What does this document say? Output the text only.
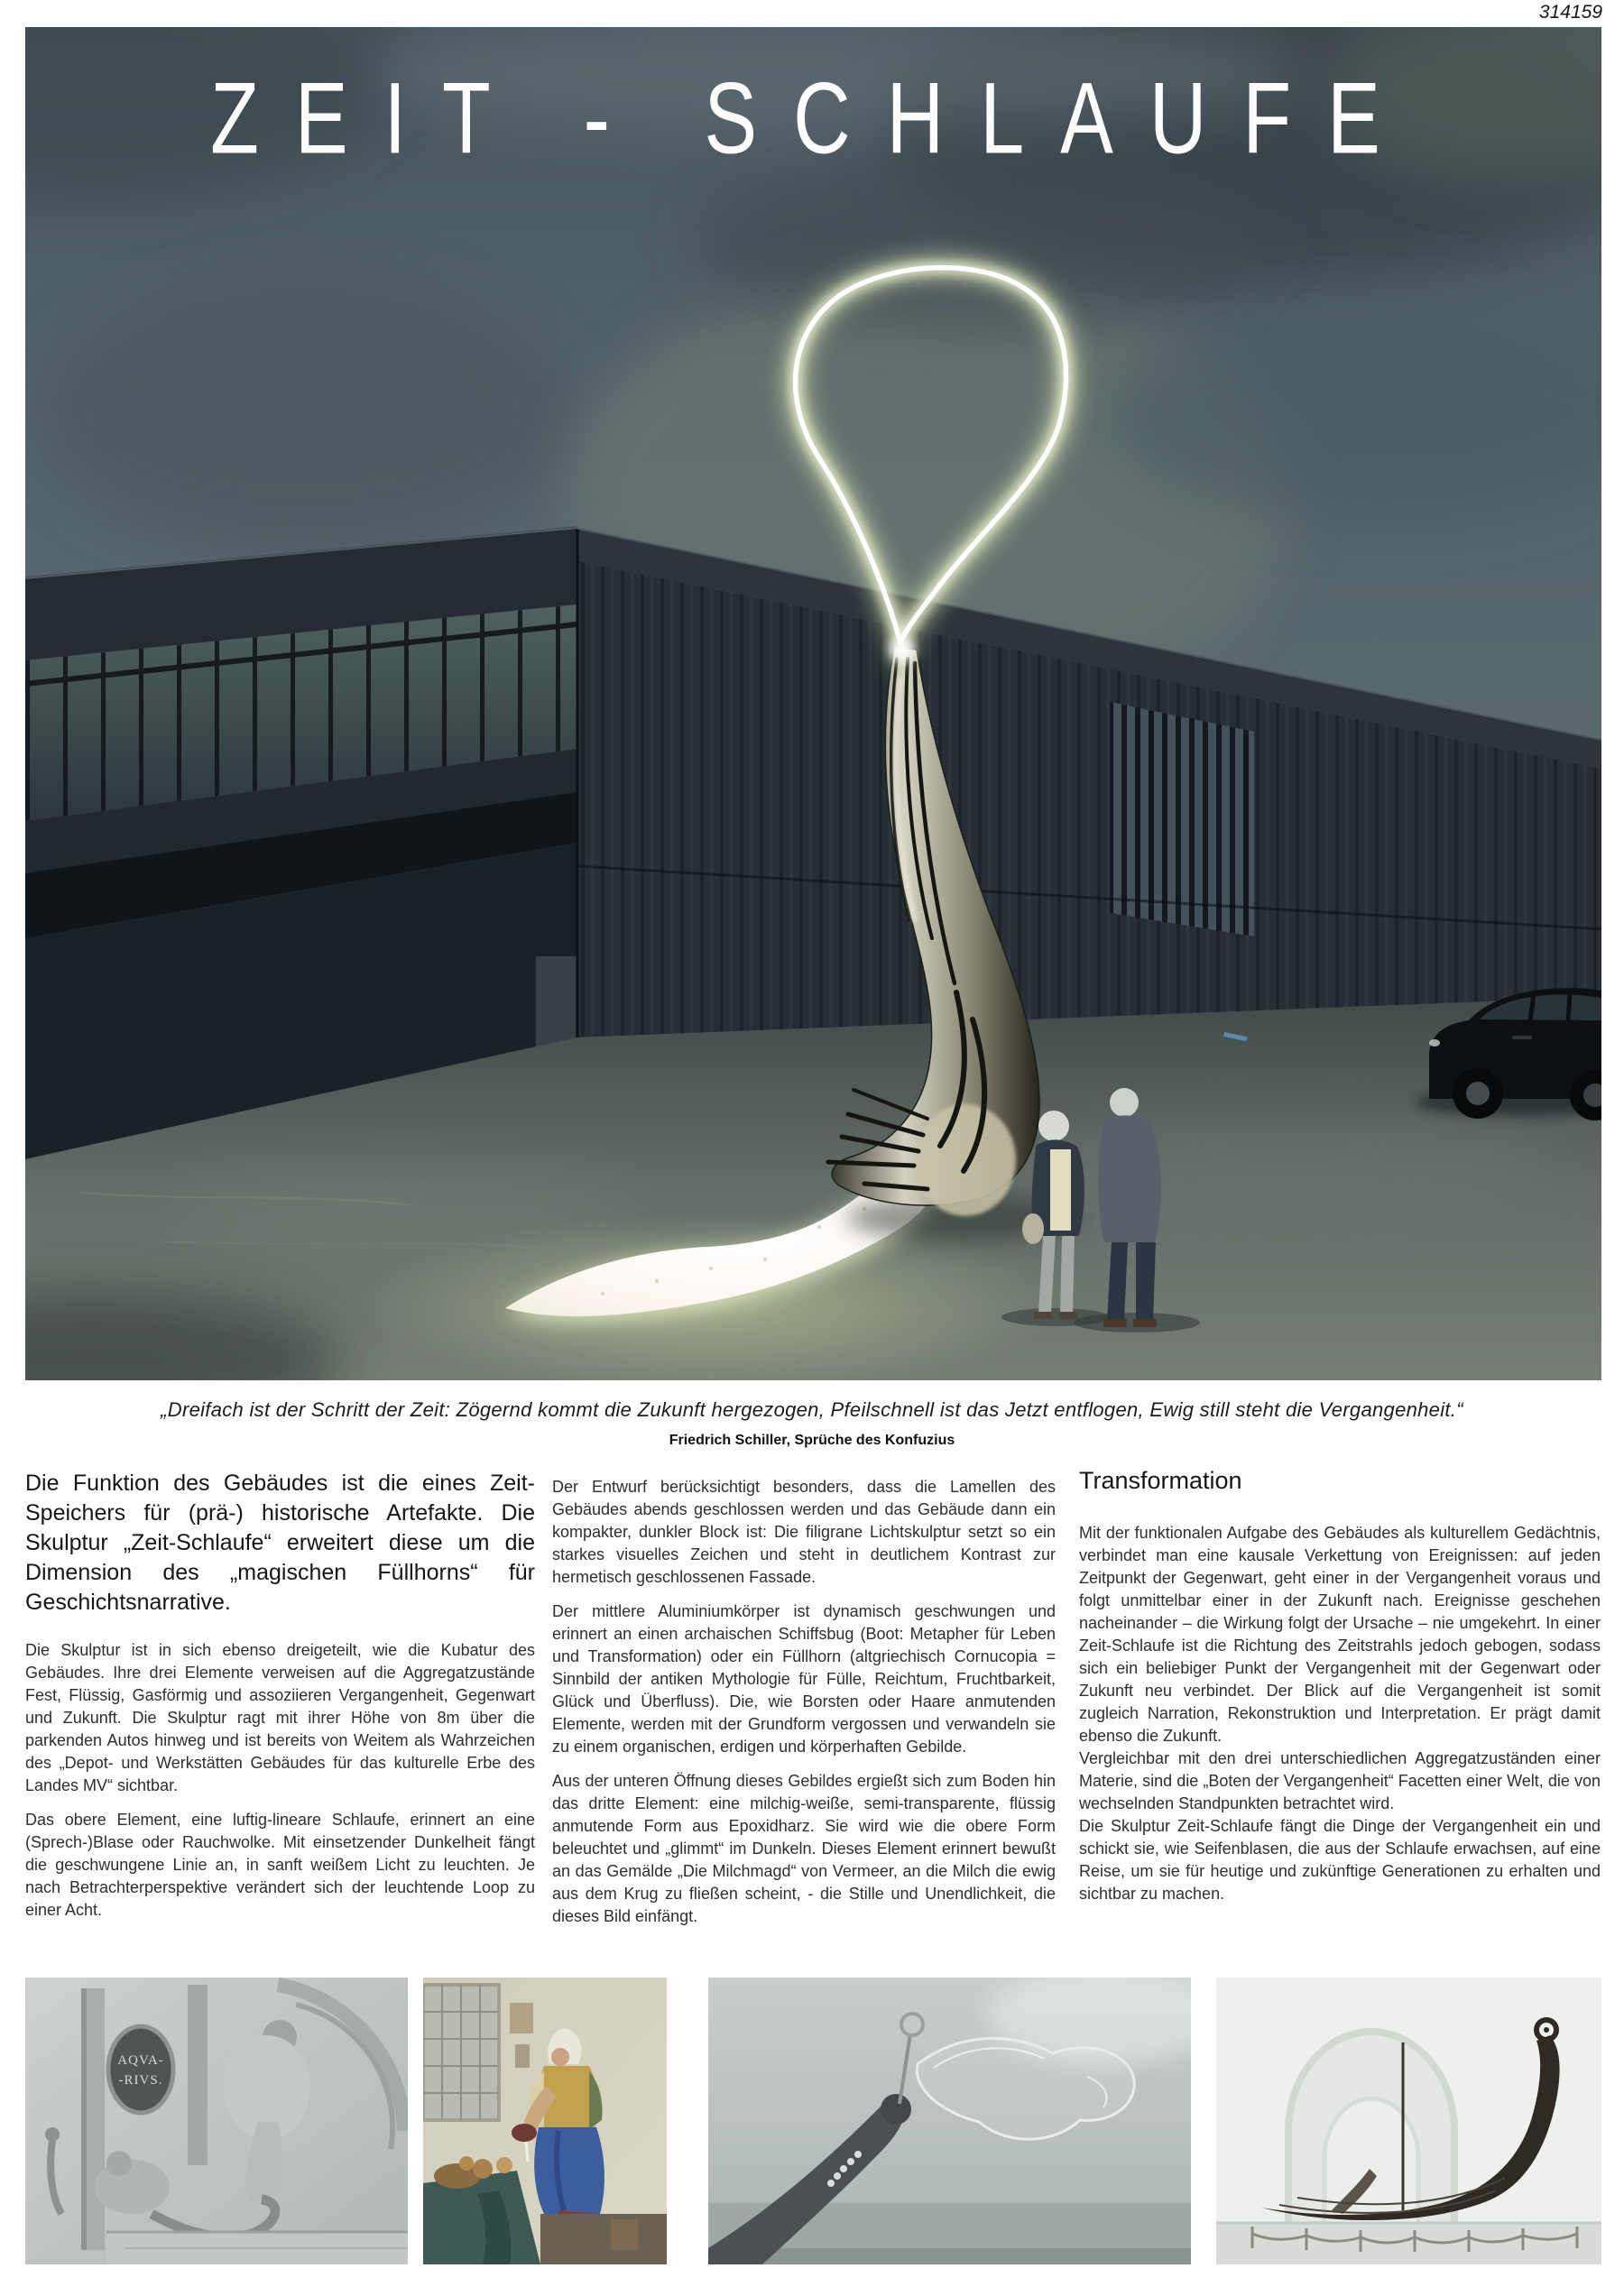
314159
ZEIT - SCHLAUFE
„Dreifach ist der Schritt der Zeit: Zögernd kommt die Zukunft hergezogen, Pfeilschnell ist das Jetzt entflogen, Ewig still steht die Vergangenheit.“
Friedrich Schiller, Sprüche des Konfuzius
Die Funktion des Gebäudes ist die eines Zeit-Speichers für (prä-) historische Artefakte. Die Skulptur „Zeit-Schlaufe“ erweitert diese um die Dimension des „magischen Füllhorns“ für Geschichtsnarrative.

Die Skulptur ist in sich ebenso dreigeteilt, wie die Kubatur des Gebäudes. Ihre drei Elemente verweisen auf die Aggregatzustände Fest, Flüssig, Gasförmig und assoziieren Vergangenheit, Gegenwart und Zukunft. Die Skulptur ragt mit ihrer Höhe von 8m über die parkenden Autos hinweg und ist bereits von Weitem als Wahrzeichen des „Depot- und Werkstätten Gebäudes für das kulturelle Erbe des Landes MV“ sichtbar.

Das obere Element, eine luftig-lineare Schlaufe, erinnert an eine (Sprech-)Blase oder Rauchwolke. Mit einsetzender Dunkelheit fängt die geschwungene Linie an, in sanft weißem Licht zu leuchten. Je nach Betrachterperspektive verändert sich der leuchtende Loop zu einer Acht.

Der Entwurf berücksichtigt besonders, dass die Lamellen des Gebäudes abends geschlossen werden und das Gebäude dann ein kompakter, dunkler Block ist: Die filigrane Lichtskulptur setzt so ein starkes visuelles Zeichen und steht in deutlichem Kontrast zur hermetisch geschlossenen Fassade.

Der mittlere Aluminiumkörper ist dynamisch geschwungen und erinnert an einen archaischen Schiffsbug (Boot: Metapher für Leben und Transformation) oder ein Füllhorn (altgriechisch Cornucopia = Sinnbild der antiken Mythologie für Fülle, Reichtum, Fruchtbarkeit, Glück und Überfluss). Die, wie Borsten oder Haare anmutenden Elemente, werden mit der Grundform vergossen und verwandeln sie zu einem organischen, erdigen und körperhaften Gebilde.

Aus der unteren Öffnung dieses Gebildes ergießt sich zum Boden hin das dritte Element: eine milchig-weiße, semi-transparente, flüssig anmutende Form aus Epoxidharz. Sie wird wie die obere Form beleuchtet und „glimmt“ im Dunkeln. Dieses Element erinnert bewußt an das Gemälde „Die Milchmagd“ von Vermeer, an die Milch die ewig aus dem Krug zu fließen scheint, - die Stille und Unendlichkeit, die dieses Bild einfängt.

Transformation

Mit der funktionalen Aufgabe des Gebäudes als kulturellem Gedächtnis, verbindet man eine kausale Verkettung von Ereignissen: auf jeden Zeitpunkt der Gegenwart, geht einer in der Vergangenheit voraus und folgt unmittelbar einer in der Zukunft nach. Ereignisse geschehen nacheinander – die Wirkung folgt der Ursache – nie umgekehrt. In einer Zeit-Schlaufe ist die Richtung des Zeitstrahls jedoch gebogen, sodass sich ein beliebiger Punkt der Vergangenheit mit der Gegenwart oder Zukunft neu verbindet. Der Blick auf die Vergangenheit ist somit zugleich Narration, Rekonstruktion und Interpretation. Er prägt damit ebenso die Zukunft.

Vergleichbar mit den drei unterschiedlichen Aggregatzuständen einer Materie, sind die „Boten der Vergangenheit“ Facetten einer Welt, die von wechselnden Standpunkten betrachtet wird.

Die Skulptur Zeit-Schlaufe fängt die Dinge der Vergangenheit ein und schickt sie, wie Seifenblasen, die aus der Schlaufe erwachsen, auf eine Reise, um sie für heutige und zukünftige Generationen zu erhalten und sichtbar zu machen.

AQVA-
-RIVS.
